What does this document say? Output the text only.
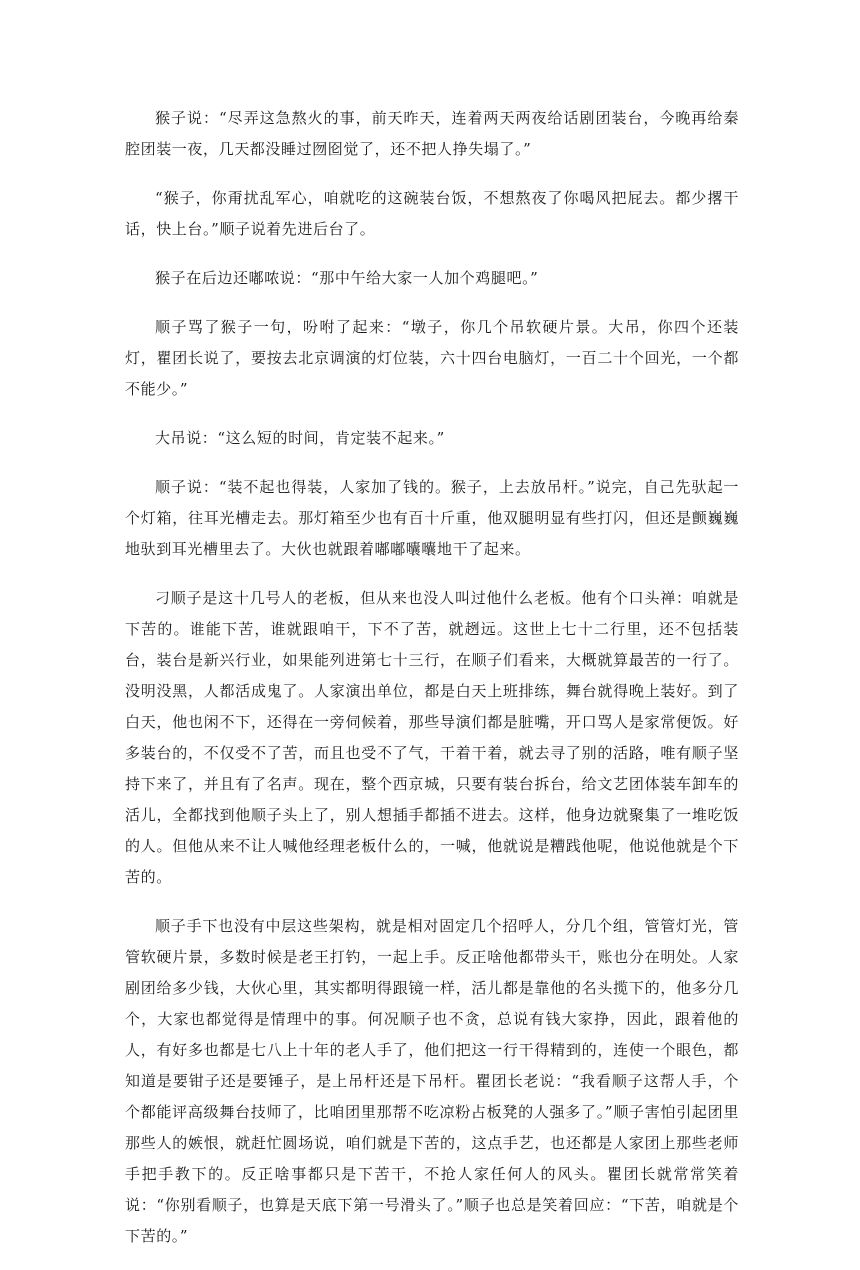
猴子说：“尽弄这急熬火的事，前天昨天，连着两天两夜给话剧团装台，今晚再给秦腔团装一夜，几天都没睡过囫囵觉了，还不把人挣失塌了。”

“猴子，你甭扰乱军心，咱就吃的这碗装台饭，不想熬夜了你喝风把屁去。都少撂干话，快上台。”顺子说着先进后台了。

猴子在后边还嘟哝说：“那中午给大家一人加个鸡腿吧。”

顺子骂了猴子一句，吩咐了起来：“墩子，你几个吊软硬片景。大吊，你四个还装灯，瞿团长说了，要按去北京调演的灯位装，六十四台电脑灯，一百二十个回光，一个都不能少。”

大吊说：“这么短的时间，肯定装不起来。”

顺子说：“装不起也得装，人家加了钱的。猴子，上去放吊杆。”说完，自己先驮起一个灯箱，往耳光槽走去。那灯箱至少也有百十斤重，他双腿明显有些打闪，但还是颤巍巍地驮到耳光槽里去了。大伙也就跟着嘟嘟囔囔地干了起来。

刁顺子是这十几号人的老板，但从来也没人叫过他什么老板。他有个口头禅：咱就是下苦的。谁能下苦，谁就跟咱干，下不了苦，就趔远。这世上七十二行里，还不包括装台，装台是新兴行业，如果能列进第七十三行，在顺子们看来，大概就算最苦的一行了。没明没黑，人都活成鬼了。人家演出单位，都是白天上班排练，舞台就得晚上装好。到了白天，他也闲不下，还得在一旁伺候着，那些导演们都是脏嘴，开口骂人是家常便饭。好多装台的，不仅受不了苦，而且也受不了气，干着干着，就去寻了别的活路，唯有顺子坚持下来了，并且有了名声。现在，整个西京城，只要有装台拆台，给文艺团体装车卸车的活儿，全都找到他顺子头上了，别人想插手都插不进去。这样，他身边就聚集了一堆吃饭的人。但他从来不让人喊他经理老板什么的，一喊，他就说是糟践他呢，他说他就是个下苦的。

顺子手下也没有中层这些架构，就是相对固定几个招呼人，分几个组，管管灯光，管管软硬片景，多数时候是老王打钓，一起上手。反正啥他都带头干，账也分在明处。人家剧团给多少钱，大伙心里，其实都明得跟镜一样，活儿都是靠他的名头揽下的，他多分几个，大家也都觉得是情理中的事。何况顺子也不贪，总说有钱大家挣，因此，跟着他的人，有好多也都是七八上十年的老人手了，他们把这一行干得精到的，连使一个眼色，都知道是要钳子还是要锤子，是上吊杆还是下吊杆。瞿团长老说：“我看顺子这帮人手，个个都能评高级舞台技师了，比咱团里那帮不吃凉粉占板凳的人强多了。”顺子害怕引起团里那些人的嫉恨，就赶忙圆场说，咱们就是下苦的，这点手艺，也还都是人家团上那些老师手把手教下的。反正啥事都只是下苦干，不抢人家任何人的风头。瞿团长就常常笑着说：“你别看顺子，也算是天底下第一号滑头了。”顺子也总是笑着回应：“下苦，咱就是个下苦的。”
